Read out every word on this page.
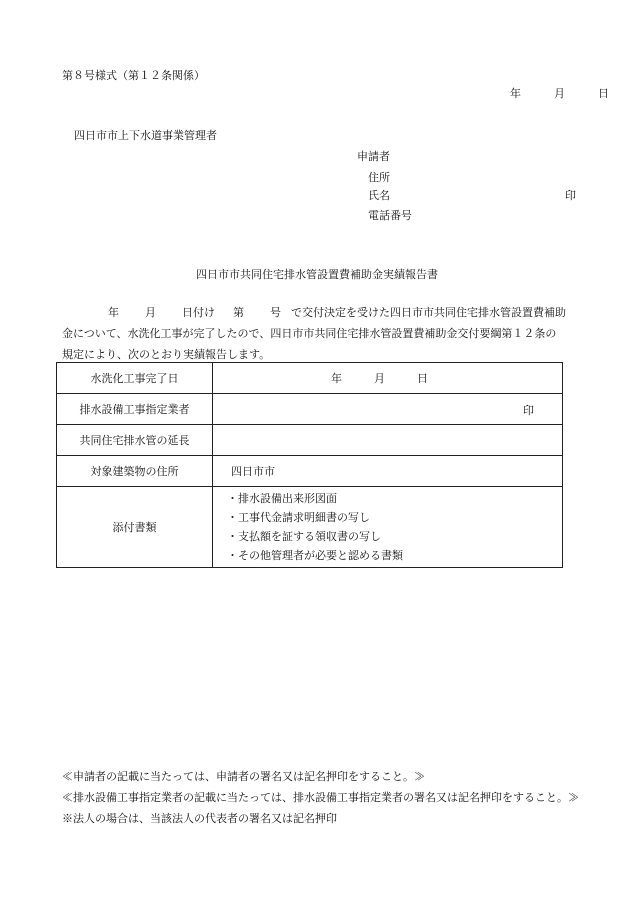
第８号様式（第１２条関係）
年	月	日
四日市市上下水道事業管理者
申請者
住所
氏名	印
電話番号
四日市市共同住宅排水管設置費補助金実績報告書
年 月 日付け 第 号 で交付決定を受けた四日市市共同住宅排水管設置費補助
金について、水洗化工事が完了したので、四日市市共同住宅排水管設置費補助金交付要綱第１２条の
規定により、次のとおり実績報告します。
水洗化工事完了日	年 月 日
排水設備工事指定業者	印

共同住宅排水管の延長	
対象建築物の住所	四日市市
添付書類	・排水設備出来形図面
・工事代金請求明細書の写し
・支払額を証する領収書の写し
・その他管理者が必要と認める書類
≪申請者の記載に当たっては、申請者の署名又は記名押印をすること。≫
≪排水設備工事指定業者の記載に当たっては、排水設備工事指定業者の署名又は記名押印をすること。≫
※法人の場合は、当該法人の代表者の署名又は記名押印
